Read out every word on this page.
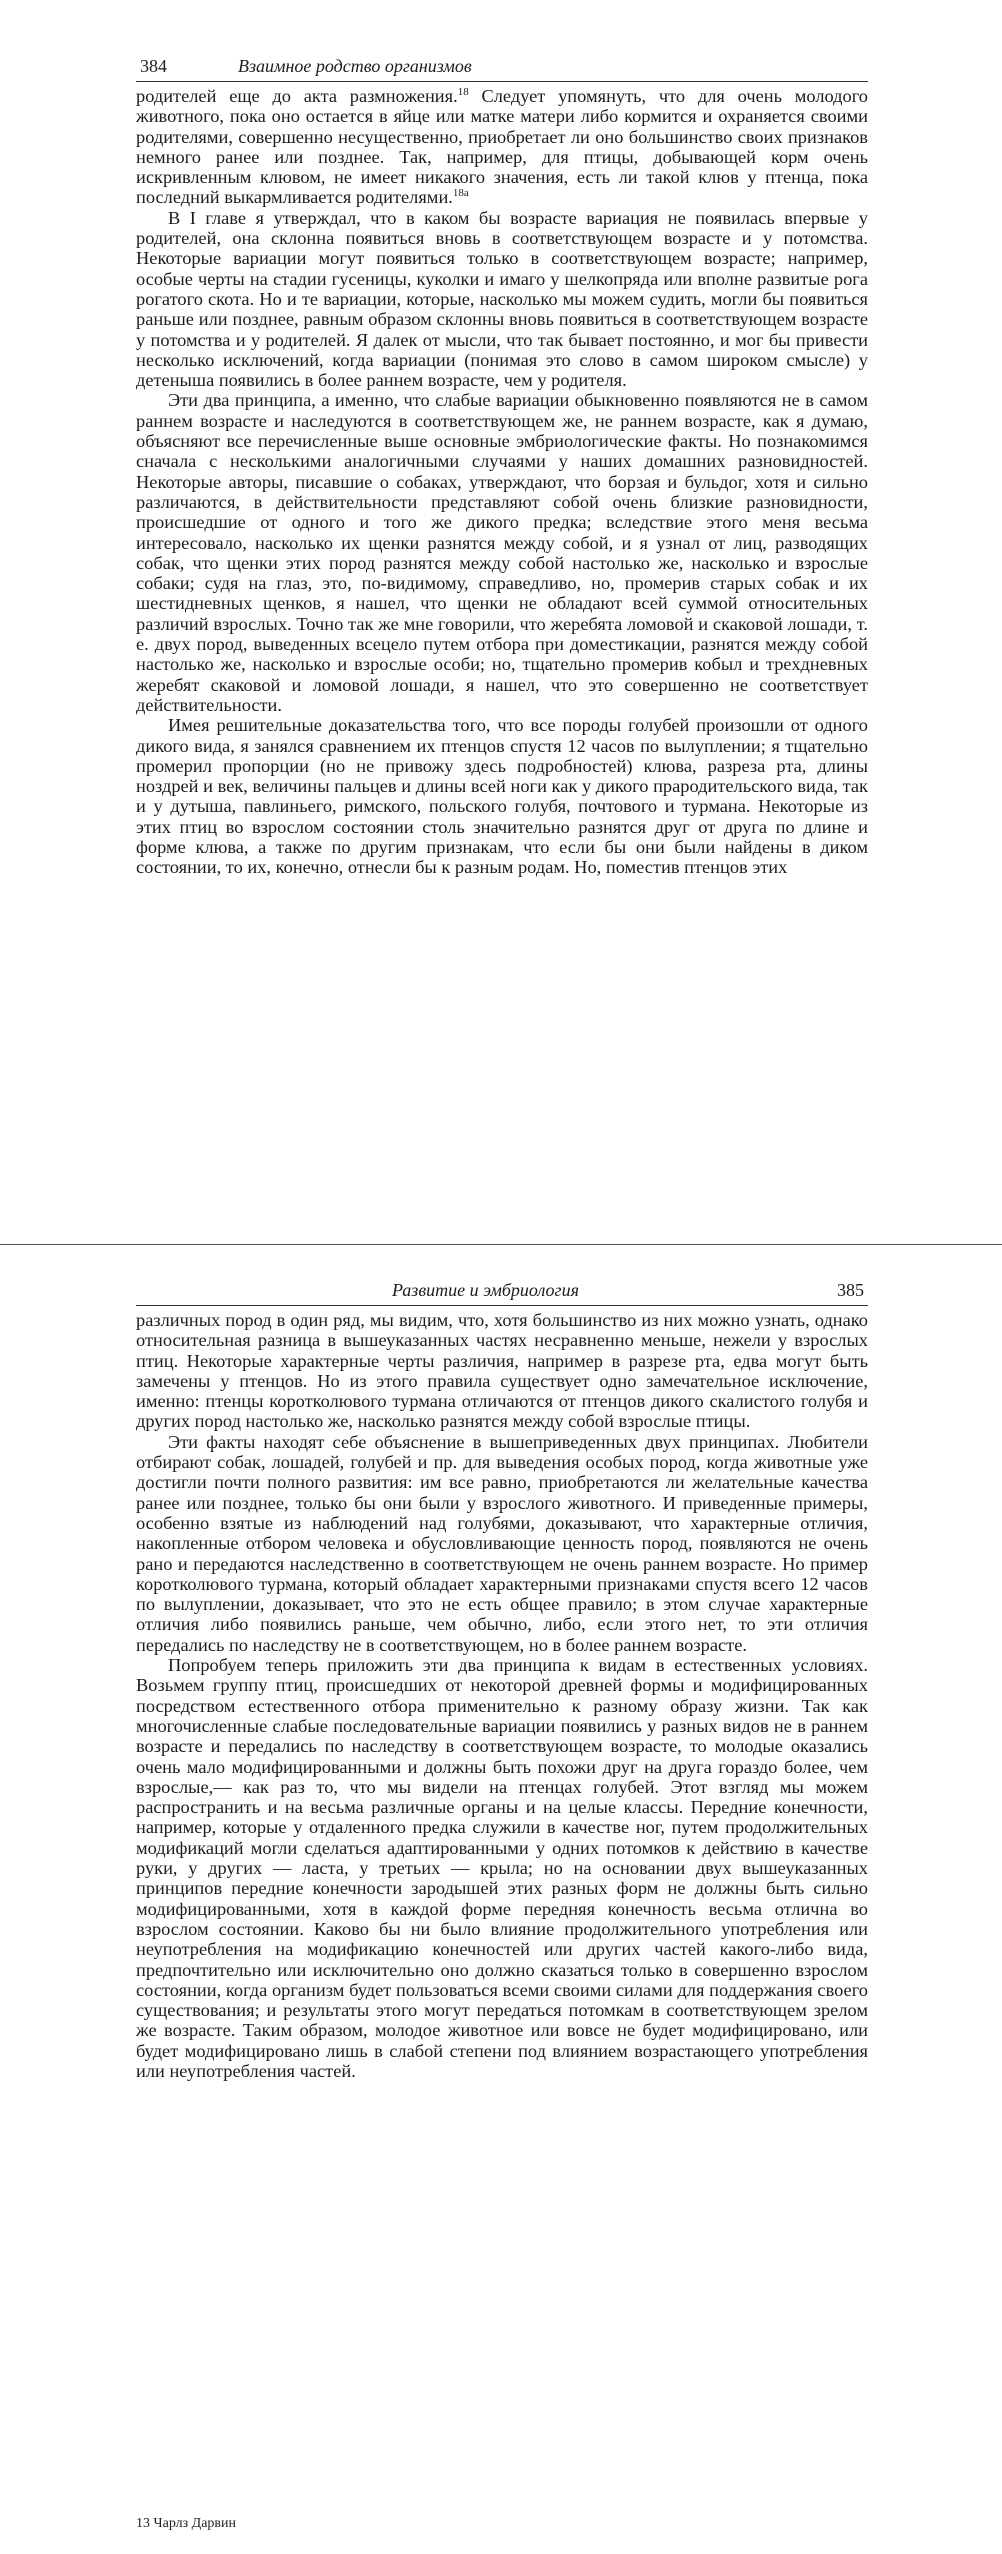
384	Взаимное родство организмов

родителей еще до акта размножения.$^{18}$ Следует упомянуть, что для очень молодого животного, пока оно остается в яйце или матке матери либо кормится и охраняется своими родителями, совершенно несущественно, приобретает ли оно большинство своих признаков немного ранее или позднее. Так, например, для птицы, добывающей корм очень искривленным клювом, не имеет никакого значения, есть ли такой клюв у птенца, пока последний выкармливается родителями.$^{18а}$

В I главе я утверждал, что в каком бы возрасте вариация не появилась впервые у родителей, она склонна появиться вновь в соответствующем возрасте и у потомства. Некоторые вариации могут появиться только в соответствующем возрасте; например, особые черты на стадии гусеницы, куколки и имаго у шелкопряда или вполне развитые рога рогатого скота. Но и те вариации, которые, насколько мы можем судить, могли бы появиться раньше или позднее, равным образом склонны вновь появиться в соответствующем возрасте у потомства и у родителей. Я далек от мысли, что так бывает постоянно, и мог бы привести несколько исключений, когда вариации (понимая это слово в самом широком смысле) у детеныша появились в более раннем возрасте, чем у родителя.

Эти два принципа, а именно, что слабые вариации обыкновенно появляются не в самом раннем возрасте и наследуются в соответствующем же, не раннем возрасте, как я думаю, объясняют все перечисленные выше основные эмбриологические факты. Но познакомимся сначала с несколькими аналогичными случаями у наших домашних разновидностей. Некоторые авторы, писавшие о собаках, утверждают, что борзая и бульдог, хотя и сильно различаются, в действительности представляют собой очень близкие разновидности, происшедшие от одного и того же дикого предка; вследствие этого меня весьма интересовало, насколько их щенки разнятся между собой, и я узнал от лиц, разводящих собак, что щенки этих пород разнятся между собой настолько же, насколько и взрослые собаки; судя на глаз, это, по-видимому, справедливо, но, промерив старых собак и их шестидневных щенков, я нашел, что щенки не обладают всей суммой относительных различий взрослых. Точно так же мне говорили, что жеребята ломовой и скаковой лошади, т. е. двух пород, выведенных всецело путем отбора при доместикации, разнятся между собой настолько же, насколько и взрослые особи; но, тщательно промерив кобыл и трехдневных жеребят скаковой и ломовой лошади, я нашел, что это совершенно не соответствует действительности.

Имея решительные доказательства того, что все породы голубей произошли от одного дикого вида, я занялся сравнением их птенцов спустя 12 часов по вылуплении; я тщательно промерил пропорции (но не привожу здесь подробностей) клюва, разреза рта, длины ноздрей и век, величины пальцев и длины всей ноги как у дикого прародительского вида, так и у дутыша, павлиньего, римского, польского голубя, почтового и турмана. Некоторые из этих птиц во взрослом состоянии столь значительно разнятся друг от друга по длине и форме клюва, а также по другим признакам, что если бы они были найдены в диком состоянии, то их, конечно, отнесли бы к разным родам. Но, поместив птенцов этих

Развитие и эмбриология	385

различных пород в один ряд, мы видим, что, хотя большинство из них можно узнать, однако относительная разница в вышеуказанных частях несравненно меньше, нежели у взрослых птиц. Некоторые характерные черты различия, например в разрезе рта, едва могут быть замечены у птенцов. Но из этого правила существует одно замечательное исключение, именно: птенцы коротколювого турмана отличаются от птенцов дикого скалистого голубя и других пород настолько же, насколько разнятся между собой взрослые птицы.

Эти факты находят себе объяснение в вышеприведенных двух принципах. Любители отбирают собак, лошадей, голубей и пр. для выведения особых пород, когда животные уже достигли почти полного развития: им все равно, приобретаются ли желательные качества ранее или позднее, только бы они были у взрослого животного. И приведенные примеры, особенно взятые из наблюдений над голубями, доказывают, что характерные отличия, накопленные отбором человека и обусловливающие ценность пород, появляются не очень рано и передаются наследственно в соответствующем не очень раннем возрасте. Но пример коротколювого турмана, который обладает характерными признаками спустя всего 12 часов по вылуплении, доказывает, что это не есть общее правило; в этом случае характерные отличия либо появились раньше, чем обычно, либо, если этого нет, то эти отличия передались по наследству не в соответствующем, но в более раннем возрасте.

Попробуем теперь приложить эти два принципа к видам в естественных условиях. Возьмем группу птиц, происшедших от некоторой древней формы и модифицированных посредством естественного отбора применительно к разному образу жизни. Так как многочисленные слабые последовательные вариации появились у разных видов не в раннем возрасте и передались по наследству в соответствующем возрасте, то молодые оказались очень мало модифицированными и должны быть похожи друг на друга гораздо более, чем взрослые,— как раз то, что мы видели на птенцах голубей. Этот взгляд мы можем распространить и на весьма различные органы и на целые классы. Передние конечности, например, которые у отдаленного предка служили в качестве ног, путем продолжительных модификаций могли сделаться адаптированными у одних потомков к действию в качестве руки, у других — ласта, у третьих — крыла; но на основании двух вышеуказанных принципов передние конечности зародышей этих разных форм не должны быть сильно модифицированными, хотя в каждой форме передняя конечность весьма отлична во взрослом состоянии. Каково бы ни было влияние продолжительного употребления или неупотребления на модификацию конечностей или других частей какого-либо вида, предпочтительно или исключительно оно должно сказаться только в совершенно взрослом состоянии, когда организм будет пользоваться всеми своими силами для поддержания своего существования; и результаты этого могут передаться потомкам в соответствующем зрелом же возрасте. Таким образом, молодое животное или вовсе не будет модифицировано, или будет модифицировано лишь в слабой степени под влиянием возрастающего употребления или неупотребления частей.

13 Чарлз Дарвин
